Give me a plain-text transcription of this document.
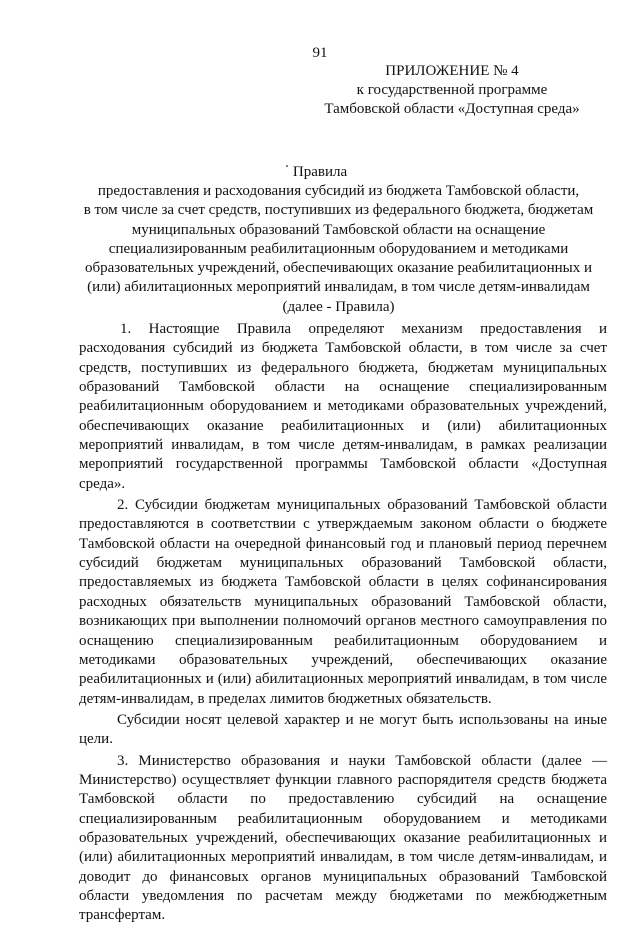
91
ПРИЛОЖЕНИЕ № 4
к государственной программе
Тамбовской области «Доступная среда»
Правила
предоставления и расходования субсидий из бюджета Тамбовской области,
в том числе за счет средств, поступивших из федерального бюджета, бюджетам
муниципальных образований Тамбовской области на оснащение
специализированным реабилитационным оборудованием и методиками
образовательных учреждений, обеспечивающих оказание реабилитационных и
(или) абилитационных мероприятий инвалидам, в том числе детям-инвалидам
(далее - Правила)

1. Настоящие Правила определяют механизм предоставления и расходования субсидий из бюджета Тамбовской области, в том числе за счет средств, поступивших из федерального бюджета, бюджетам муниципальных образований Тамбовской области на оснащение специализированным реабилитационным оборудованием и методиками образовательных учреждений, обеспечивающих оказание реабилитационных и (или) абилитационных мероприятий инвалидам, в том числе детям-инвалидам, в рамках реализации мероприятий государственной программы Тамбовской области «Доступная среда».

2. Субсидии бюджетам муниципальных образований Тамбовской области предоставляются в соответствии с утверждаемым законом области о бюджете Тамбовской области на очередной финансовый год и плановый период перечнем субсидий бюджетам муниципальных образований Тамбовской области, предоставляемых из бюджета Тамбовской области в целях софинансирования расходных обязательств муниципальных образований Тамбовской области, возникающих при выполнении полномочий органов местного самоуправления по оснащению специализированным реабилитационным оборудованием и методиками образовательных учреждений, обеспечивающих оказание реабилитационных и (или) абилитационных мероприятий инвалидам, в том числе детям-инвалидам, в пределах лимитов бюджетных обязательств.

Субсидии носят целевой характер и не могут быть использованы на иные цели.

3. Министерство образования и науки Тамбовской области (далее — Министерство) осуществляет функции главного распорядителя средств бюджета Тамбовской области по предоставлению субсидий на оснащение специализированным реабилитационным оборудованием и методиками образовательных учреждений, обеспечивающих оказание реабилитационных и (или) абилитационных мероприятий инвалидам, в том числе детям-инвалидам, и доводит до финансовых органов муниципальных образований Тамбовской области уведомления по расчетам между бюджетами по межбюджетным трансфертам.
